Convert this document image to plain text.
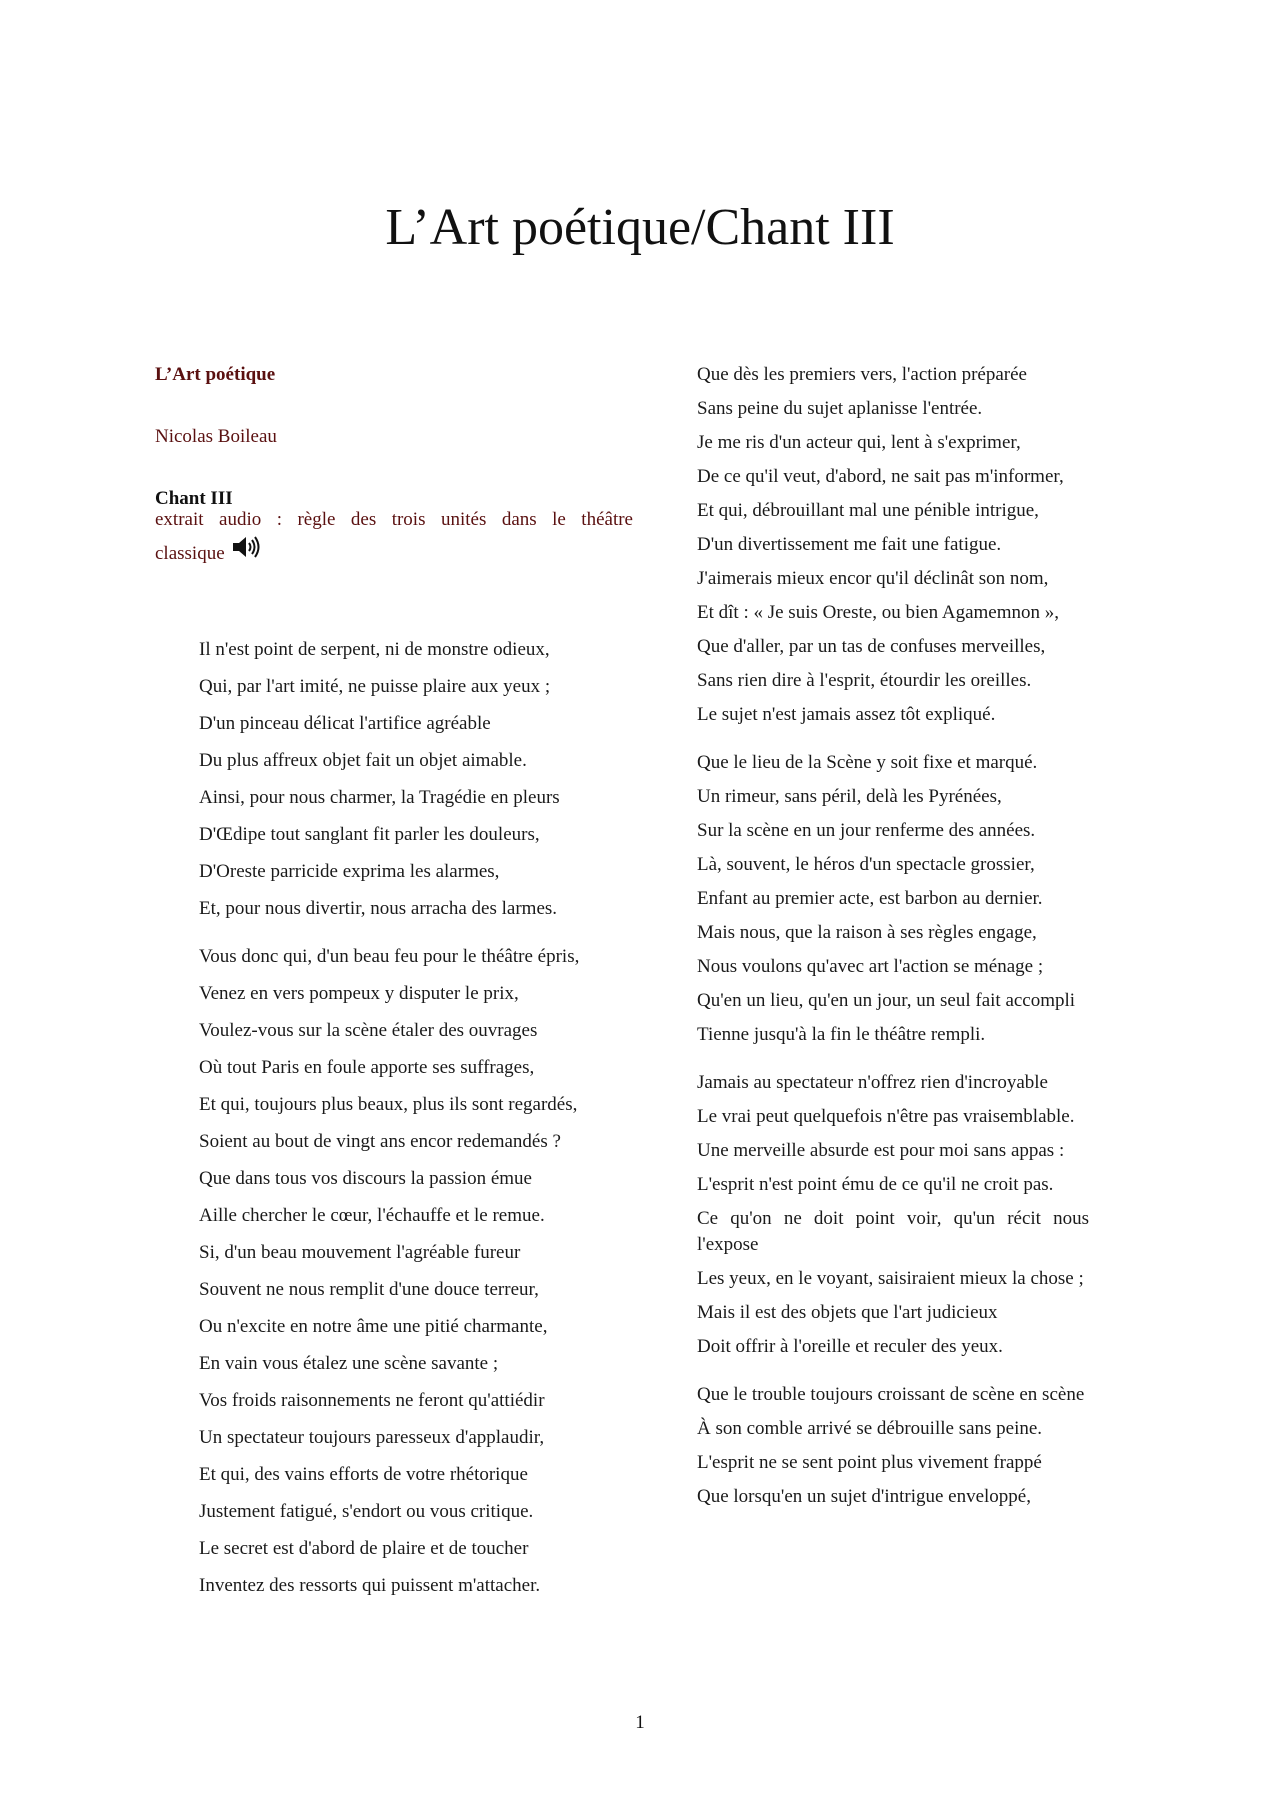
L’Art poétique/Chant III
L’Art poétique
Nicolas Boileau
Chant III
extrait audio : règle des trois unités dans le théâtre
classique
Il n'est point de serpent, ni de monstre odieux,
Qui, par l'art imité, ne puisse plaire aux yeux ;
D'un pinceau délicat l'artifice agréable
Du plus affreux objet fait un objet aimable.
Ainsi, pour nous charmer, la Tragédie en pleurs
D'Œdipe tout sanglant fit parler les douleurs,
D'Oreste parricide exprima les alarmes,
Et, pour nous divertir, nous arracha des larmes.
Vous donc qui, d'un beau feu pour le théâtre épris,
Venez en vers pompeux y disputer le prix,
Voulez-vous sur la scène étaler des ouvrages
Où tout Paris en foule apporte ses suffrages,
Et qui, toujours plus beaux, plus ils sont regardés,
Soient au bout de vingt ans encor redemandés ?
Que dans tous vos discours la passion émue
Aille chercher le cœur, l'échauffe et le remue.
Si, d'un beau mouvement l'agréable fureur
Souvent ne nous remplit d'une douce terreur,
Ou n'excite en notre âme une pitié charmante,
En vain vous étalez une scène savante ;
Vos froids raisonnements ne feront qu'attiédir
Un spectateur toujours paresseux d'applaudir,
Et qui, des vains efforts de votre rhétorique
Justement fatigué, s'endort ou vous critique.
Le secret est d'abord de plaire et de toucher
Inventez des ressorts qui puissent m'attacher.
Que dès les premiers vers, l'action préparée
Sans peine du sujet aplanisse l'entrée.
Je me ris d'un acteur qui, lent à s'exprimer,
De ce qu'il veut, d'abord, ne sait pas m'informer,
Et qui, débrouillant mal une pénible intrigue,
D'un divertissement me fait une fatigue.
J'aimerais mieux encor qu'il déclinât son nom,
Et dît : « Je suis Oreste, ou bien Agamemnon »,
Que d'aller, par un tas de confuses merveilles,
Sans rien dire à l'esprit, étourdir les oreilles.
Le sujet n'est jamais assez tôt expliqué.
Que le lieu de la Scène y soit fixe et marqué.
Un rimeur, sans péril, delà les Pyrénées,
Sur la scène en un jour renferme des années.
Là, souvent, le héros d'un spectacle grossier,
Enfant au premier acte, est barbon au dernier.
Mais nous, que la raison à ses règles engage,
Nous voulons qu'avec art l'action se ménage ;
Qu'en un lieu, qu'en un jour, un seul fait accompli
Tienne jusqu'à la fin le théâtre rempli.
Jamais au spectateur n'offrez rien d'incroyable
Le vrai peut quelquefois n'être pas vraisemblable.
Une merveille absurde est pour moi sans appas :
L'esprit n'est point ému de ce qu'il ne croit pas.
Ce qu'on ne doit point voir, qu'un récit nous l'expose
Les yeux, en le voyant, saisiraient mieux la chose ;
Mais il est des objets que l'art judicieux
Doit offrir à l'oreille et reculer des yeux.
Que le trouble toujours croissant de scène en scène
À son comble arrivé se débrouille sans peine.
L'esprit ne se sent point plus vivement frappé
Que lorsqu'en un sujet d'intrigue enveloppé,
1
